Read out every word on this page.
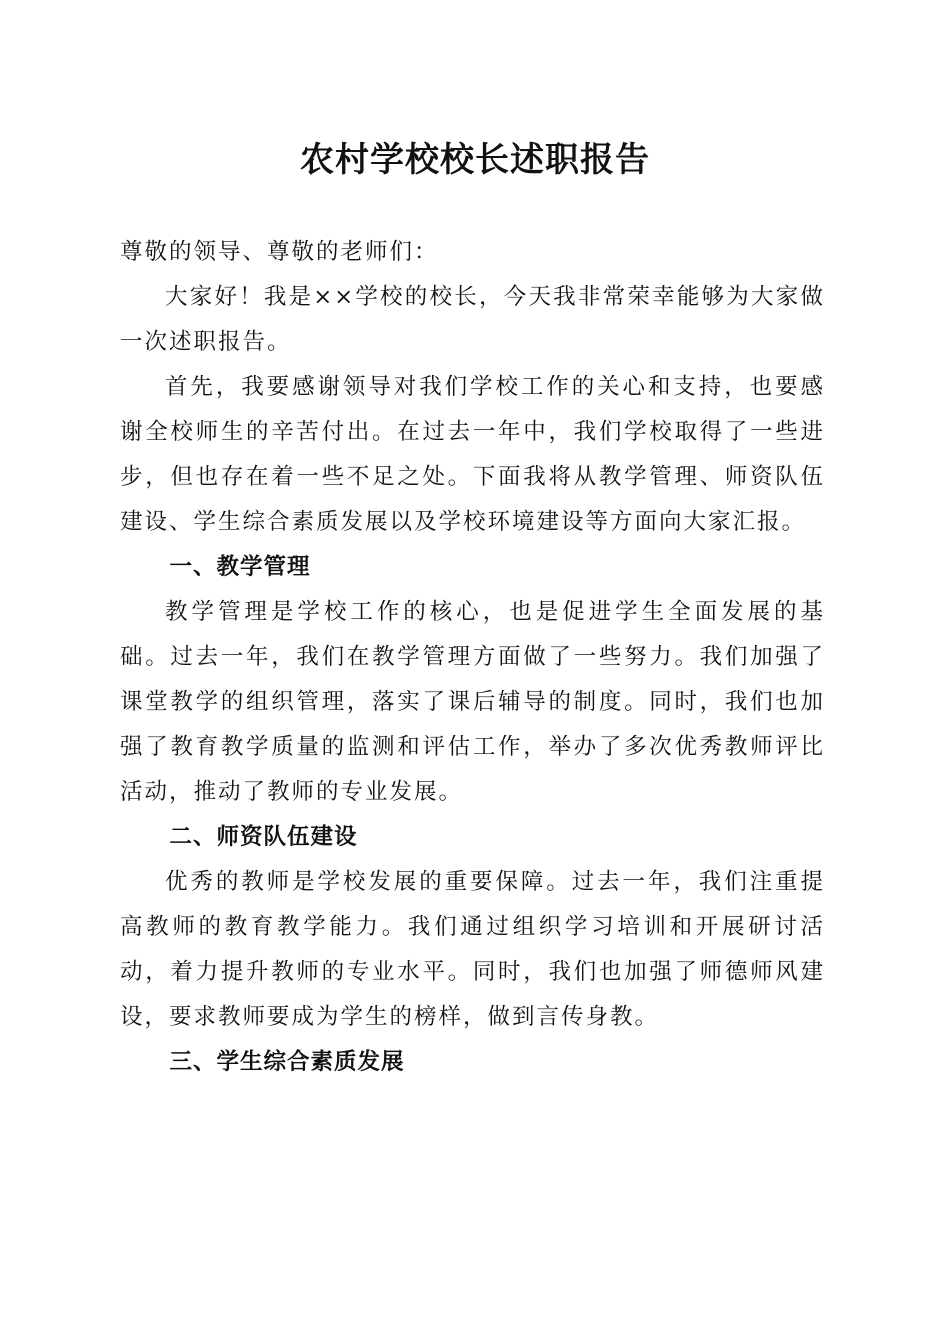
农村学校校长述职报告

尊敬的领导、尊敬的老师们：

大家好！我是××学校的校长，今天我非常荣幸能够为大家做一次述职报告。

首先，我要感谢领导对我们学校工作的关心和支持，也要感谢全校师生的辛苦付出。在过去一年中，我们学校取得了一些进步，但也存在着一些不足之处。下面我将从教学管理、师资队伍建设、学生综合素质发展以及学校环境建设等方面向大家汇报。

一、教学管理

教学管理是学校工作的核心，也是促进学生全面发展的基础。过去一年，我们在教学管理方面做了一些努力。我们加强了课堂教学的组织管理，落实了课后辅导的制度。同时，我们也加强了教育教学质量的监测和评估工作，举办了多次优秀教师评比活动，推动了教师的专业发展。

二、师资队伍建设

优秀的教师是学校发展的重要保障。过去一年，我们注重提高教师的教育教学能力。我们通过组织学习培训和开展研讨活动，着力提升教师的专业水平。同时，我们也加强了师德师风建设，要求教师要成为学生的榜样，做到言传身教。

三、学生综合素质发展
